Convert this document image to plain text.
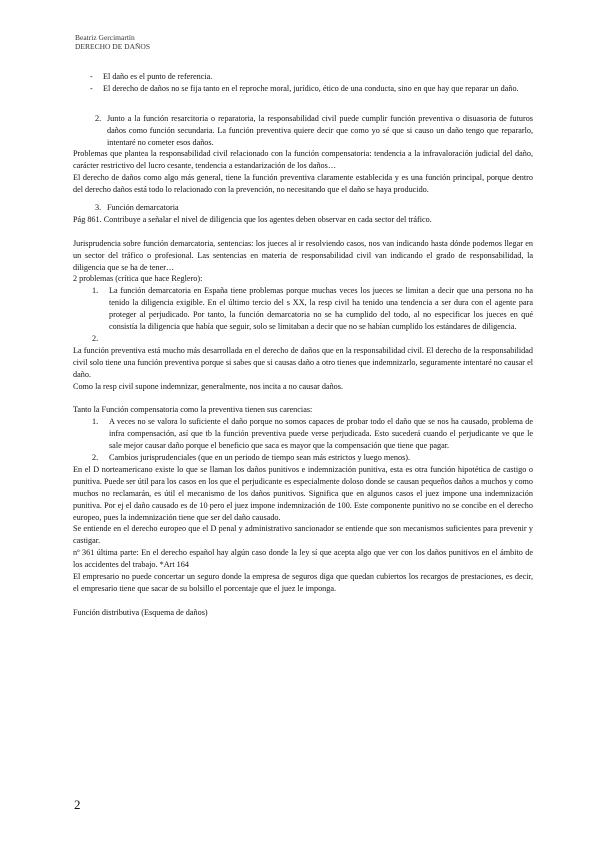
Beatriz Gercimartín
DERECHO DE DAÑOS
- El daño es el punto de referencia.
- El derecho de daños no se fija tanto en el reproche moral, jurídico, ético de una conducta, sino en que hay que reparar un daño.
2. Junto a la función resarcitoria o reparatoria, la responsabilidad civil puede cumplir función preventiva o disuasoria de futuros daños como función secundaria. La función preventiva quiere decir que como yo sé que si causo un daño tengo que repararlo, intentaré no cometer esos daños.

Problemas que plantea la responsabilidad civil relacionado con la función compensatoria: tendencia a la infravaloración judicial del daño, carácter restrictivo del lucro cesante, tendencia a estandarización de los daños…

El derecho de daños como algo más general, tiene la función preventiva claramente establecida y es una función principal, porque dentro del derecho daños está todo lo relacionado con la prevención, no necesitando que el daño se haya producido.

3. Función demarcatoria

Pág 861. Contribuye a señalar el nivel de diligencia que los agentes deben observar en cada sector del tráfico.

Jurisprudencia sobre función demarcatoria, sentencias: los jueces al ir resolviendo casos, nos van indicando hasta dónde podemos llegar en un sector del tráfico o profesional. Las sentencias en materia de responsabilidad civil van indicando el grado de responsabilidad, la diligencia que se ha de tener…

2 problemas (crítica que hace Reglero):

1. La función demarcatoria en España tiene problemas porque muchas veces los jueces se limitan a decir que una persona no ha tenido la diligencia exigible. En el último tercio del s XX, la resp civil ha tenido una tendencia a ser dura con el agente para proteger al perjudicado. Por tanto, la función demarcatoria no se ha cumplido del todo, al no especificar los jueces en qué consistía la diligencia que había que seguir, solo se limitaban a decir que no se habían cumplido los estándares de diligencia.
2.

La función preventiva está mucho más desarrollada en el derecho de daños que en la responsabilidad civil. El derecho de la responsabilidad civil solo tiene una función preventiva porque si sabes que si causas daño a otro tienes que indemnizarlo, seguramente intentaré no causar el daño.

Como la resp civil supone indemnizar, generalmente, nos incita a no causar daños.

Tanto la Función compensatoria como la preventiva tienen sus carencias:

1. A veces no se valora lo suficiente el daño porque no somos capaces de probar todo el daño que se nos ha causado, problema de infra compensación, así que tb la función preventiva puede verse perjudicada. Esto sucederá cuando el perjudicante ve que le sale mejor causar daño porque el beneficio que saca es mayor que la compensación que tiene que pagar.
2. Cambios jurisprudenciales (que en un periodo de tiempo sean más estrictos y luego menos).

En el D norteamericano existe lo que se llaman los daños punitivos e indemnización punitiva, esta es otra función hipotética de castigo o punitiva. Puede ser útil para los casos en los que el perjudicante es especialmente doloso donde se causan pequeños daños a muchos y como muchos no reclamarán, es útil el mecanismo de los daños punitivos. Significa que en algunos casos el juez impone una indemnización punitiva. Por ej el daño causado es de 10 pero el juez impone indemnización de 100. Este componente punitivo no se concibe en el derecho europeo, pues la indemnización tiene que ser del daño causado.

Se entiende en el derecho europeo que el D penal y administrativo sancionador se entiende que son mecanismos suficientes para prevenir y castigar.

nº 361 última parte: En el derecho español hay algún caso donde la ley sí que acepta algo que ver con los daños punitivos en el ámbito de los accidentes del trabajo. *Art 164

El empresario no puede concertar un seguro donde la empresa de seguros diga que quedan cubiertos los recargos de prestaciones, es decir, el empresario tiene que sacar de su bolsillo el porcentaje que el juez le imponga.

Función distributiva (Esquema de daños)

2
